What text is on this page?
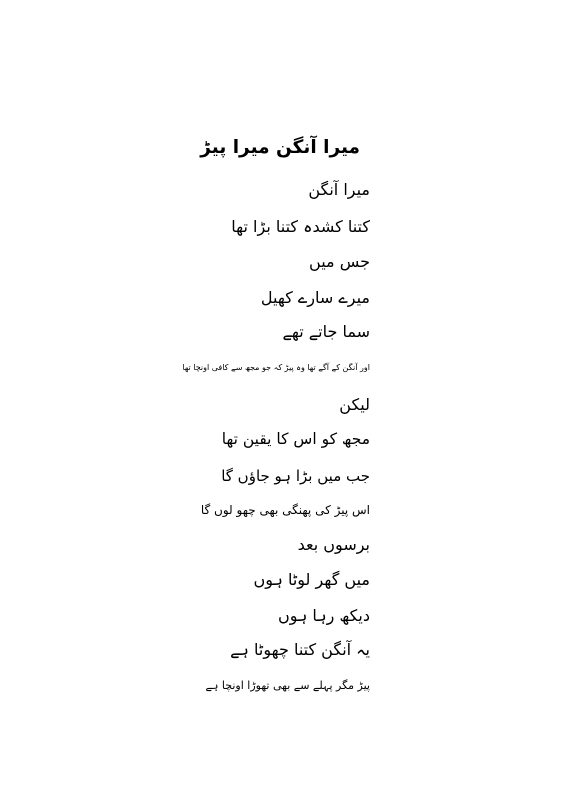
میرا آنگن میرا پیڑ
میرا آنگن
کتنا کشدہ کتنا بڑا تھا
جس میں
میرے سارے کھیل
سما جاتے تھے
اور آنگن کے آگے تھا وہ پیڑ کہ جو مجھ سے کافی اونچا تھا
لیکن
مجھ کو اس کا یقین تھا
جب میں بڑا ہو جاؤں گا
اس پیڑ کی پھنگی بھی چھو لوں گا
برسوں بعد
میں گھر لوٹا ہوں
دیکھ رہا ہوں
یہ آنگن کتنا چھوٹا ہے
پیڑ مگر پہلے سے بھی تھوڑا اونچا ہے
